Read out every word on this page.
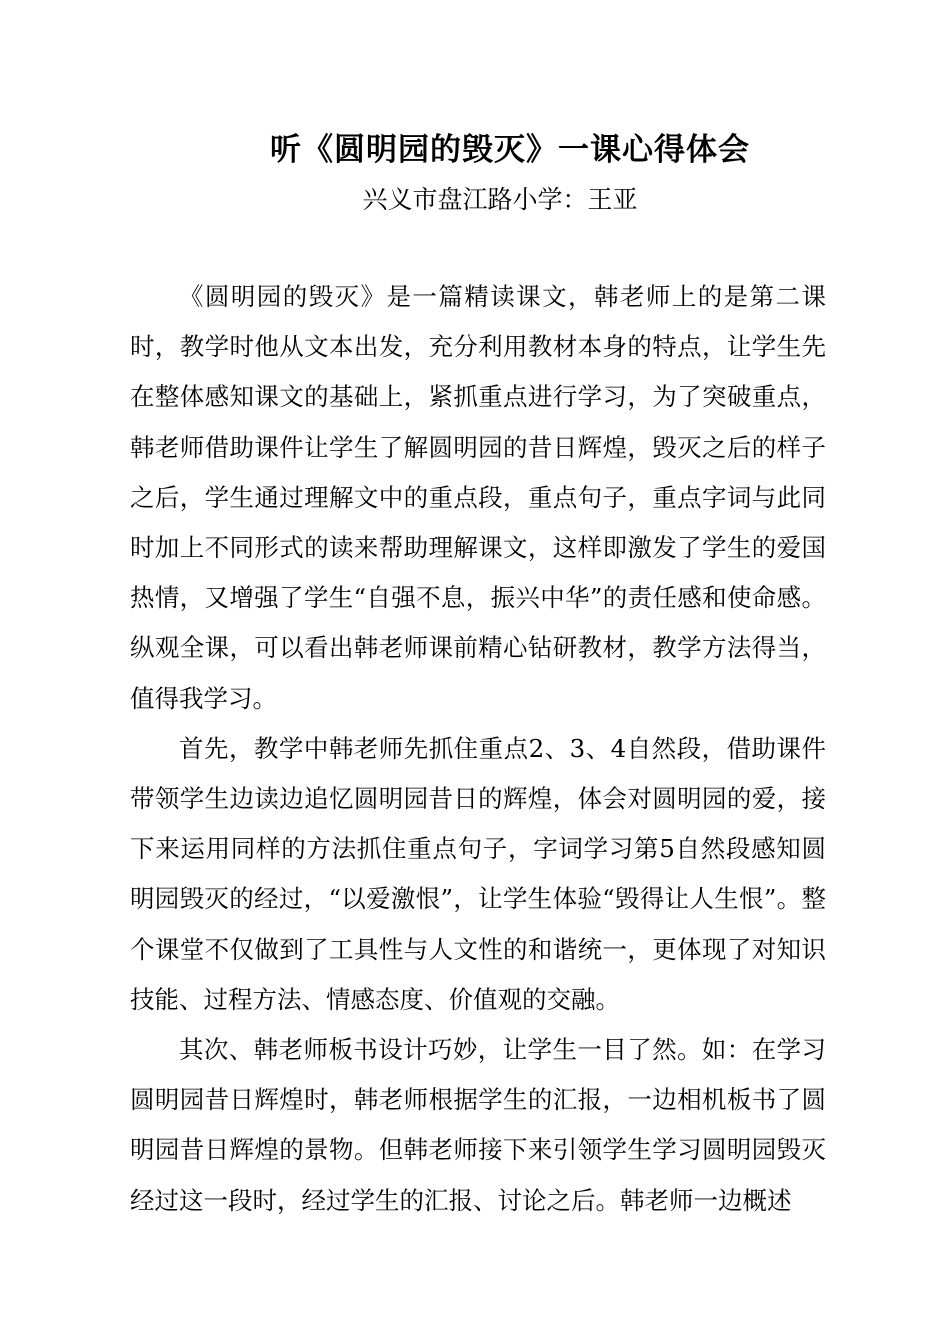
听《圆明园的毁灭》一课心得体会
兴义市盘江路小学：王亚

《圆明园的毁灭》是一篇精读课文，韩老师上的是第二课时，教学时他从文本出发，充分利用教材本身的特点，让学生先在整体感知课文的基础上，紧抓重点进行学习，为了突破重点，韩老师借助课件让学生了解圆明园的昔日辉煌，毁灭之后的样子之后，学生通过理解文中的重点段，重点句子，重点字词与此同时加上不同形式的读来帮助理解课文，这样即激发了学生的爱国热情，又增强了学生“自强不息，振兴中华”的责任感和使命感。纵观全课，可以看出韩老师课前精心钻研教材，教学方法得当，值得我学习。

首先，教学中韩老师先抓住重点2、3、4自然段，借助课件带领学生边读边追忆圆明园昔日的辉煌，体会对圆明园的爱，接下来运用同样的方法抓住重点句子，字词学习第5自然段感知圆明园毁灭的经过，“以爱激恨”，让学生体验“毁得让人生恨”。整个课堂不仅做到了工具性与人文性的和谐统一，更体现了对知识技能、过程方法、情感态度、价值观的交融。

其次、韩老师板书设计巧妙，让学生一目了然。如：在学习圆明园昔日辉煌时，韩老师根据学生的汇报，一边相机板书了圆明园昔日辉煌的景物。但韩老师接下来引领学生学习圆明园毁灭经过这一段时，经过学生的汇报、讨论之后。韩老师一边概述
